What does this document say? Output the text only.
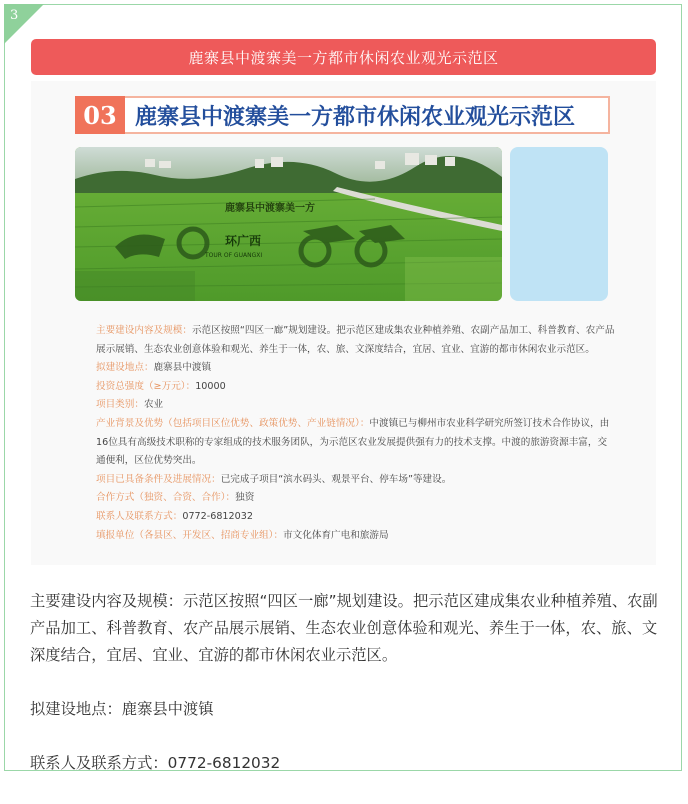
3
鹿寨县中渡寨美一方都市休闲农业观光示范区
03 鹿寨县中渡寨美一方都市休闲农业观光示范区
鹿寨县中渡寨美一方
环广西
TOUR OF GUANGXI

主要建设内容及规模：示范区按照“四区一廊”规划建设。把示范区建成集农业种植养殖、农副产品加工、科普教育、农产品展示展销、生态农业创意体验和观光、养生于一体，农、旅、文深度结合，宜居、宜业、宜游的都市休闲农业示范区。

拟建设地点：鹿寨县中渡镇

投资总强度（≥万元）：10000

项目类别：农业

产业背景及优势（包括项目区位优势、政策优势、产业链情况）：中渡镇已与柳州市农业科学研究所签订技术合作协议，由16位具有高级技术职称的专家组成的技术服务团队，为示范区农业发展提供强有力的技术支撑。中渡的旅游资源丰富，交通便利，区位优势突出。

项目已具备条件及进展情况：已完成子项目“滨水码头、观景平台、停车场”等建设。

合作方式（独资、合资、合作）：独资

联系人及联系方式：0772-6812032

填报单位（各县区、开发区、招商专业组）：市文化体育广电和旅游局

主要建设内容及规模：示范区按照“四区一廊”规划建设。把示范区建成集农业种植养殖、农副产品加工、科普教育、农产品展示展销、生态农业创意体验和观光、养生于一体，农、旅、文深度结合，宜居、宜业、宜游的都市休闲农业示范区。

拟建设地点：鹿寨县中渡镇

联系人及联系方式：0772-6812032
